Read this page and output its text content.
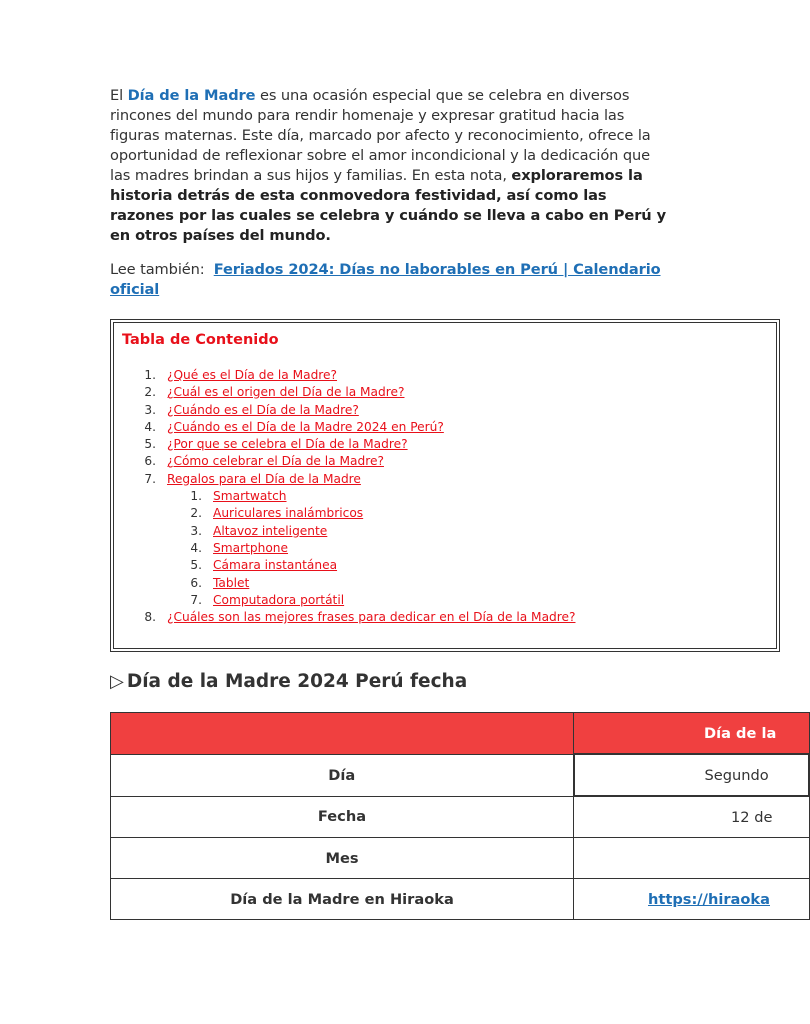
El Día de la Madre es una ocasión especial que se celebra en diversos rincones del mundo para rendir homenaje y expresar gratitud hacia las figuras maternas. Este día, marcado por afecto y reconocimiento, ofrece la oportunidad de reflexionar sobre el amor incondicional y la dedicación que las madres brindan a sus hijos y familias. En esta nota, exploraremos la historia detrás de esta conmovedora festividad, así como las razones por las cuales se celebra y cuándo se lleva a cabo en Perú y en otros países del mundo.

Lee también: Feriados 2024: Días no laborables en Perú | Calendario oficial

Tabla de Contenido
1. ¿Qué es el Día de la Madre?
2. ¿Cuál es el origen del Día de la Madre?
3. ¿Cuándo es el Día de la Madre?
4. ¿Cuándo es el Día de la Madre 2024 en Perú?
5. ¿Por que se celebra el Día de la Madre?
6. ¿Cómo celebrar el Día de la Madre?
7. Regalos para el Día de la Madre
1. Smartwatch
2. Auriculares inalámbricos
3. Altavoz inteligente
4. Smartphone
5. Cámara instantánea
6. Tablet
7. Computadora portátil
8. ¿Cuáles son las mejores frases para dedicar en el Día de la Madre?
▷ Día de la Madre 2024 Perú fecha
	Día de la
Día	Segundo
Fecha	12 de
Mes	
Día de la Madre en Hiraoka	https://hiraoka
